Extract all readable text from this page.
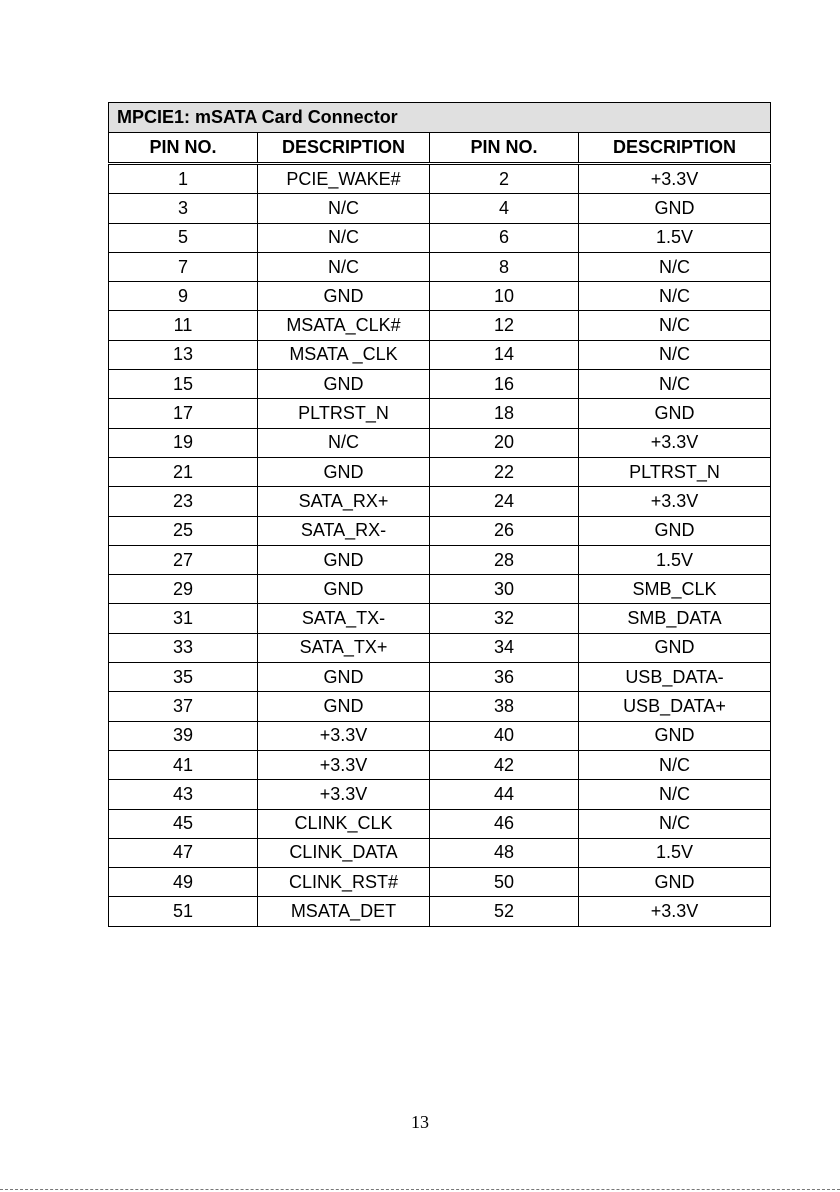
MPCIE1: mSATA Card Connector			
PIN NO.	DESCRIPTION	PIN NO.	DESCRIPTION
1	PCIE_WAKE#	2	+3.3V
3	N/C	4	GND
5	N/C	6	1.5V
7	N/C	8	N/C
9	GND	10	N/C
11	MSATA_CLK#	12	N/C
13	MSATA _CLK	14	N/C
15	GND	16	N/C
17	PLTRST_N	18	GND
19	N/C	20	+3.3V
21	GND	22	PLTRST_N
23	SATA_RX+	24	+3.3V
25	SATA_RX-	26	GND
27	GND	28	1.5V
29	GND	30	SMB_CLK
31	SATA_TX-	32	SMB_DATA
33	SATA_TX+	34	GND
35	GND	36	USB_DATA-
37	GND	38	USB_DATA+
39	+3.3V	40	GND
41	+3.3V	42	N/C
43	+3.3V	44	N/C
45	CLINK_CLK	46	N/C
47	CLINK_DATA	48	1.5V
49	CLINK_RST#	50	GND
51	MSATA_DET	52	+3.3V
13
